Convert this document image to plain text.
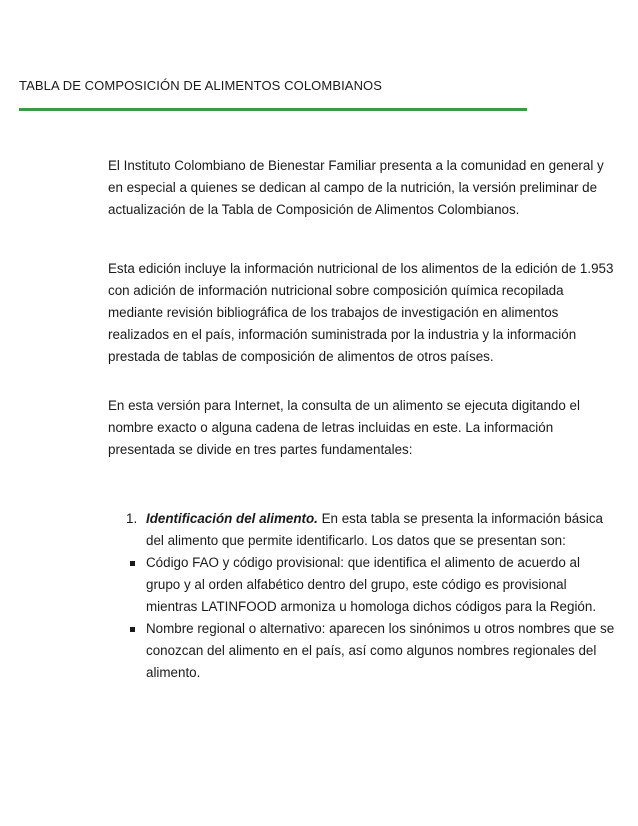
TABLA DE COMPOSICIÓN DE ALIMENTOS COLOMBIANOS

El Instituto Colombiano de Bienestar Familiar presenta a la comunidad en general y en especial a quienes se dedican al campo de la nutrición, la versión preliminar de actualización de la Tabla de Composición de Alimentos Colombianos.

Esta edición incluye la información nutricional de los alimentos de la edición de 1.953 con adición de información nutricional sobre composición química recopilada mediante revisión bibliográfica de los trabajos de investigación en alimentos realizados en el país, información suministrada por la industria y la información prestada de tablas de composición de alimentos de otros países.

En esta versión para Internet, la consulta de un alimento se ejecuta digitando el nombre exacto o alguna cadena de letras incluidas en este. La información presentada se divide en tres partes fundamentales:

1. Identificación del alimento. En esta tabla se presenta la información básica del alimento que permite identificarlo. Los datos que se presentan son:
Código FAO y código provisional: que identifica el alimento de acuerdo al grupo y al orden alfabético dentro del grupo, este código es provisional mientras LATINFOOD armoniza u homologa dichos códigos para la Región.
Nombre regional o alternativo: aparecen los sinónimos u otros nombres que se conozcan del alimento en el país, así como algunos nombres regionales del alimento.
